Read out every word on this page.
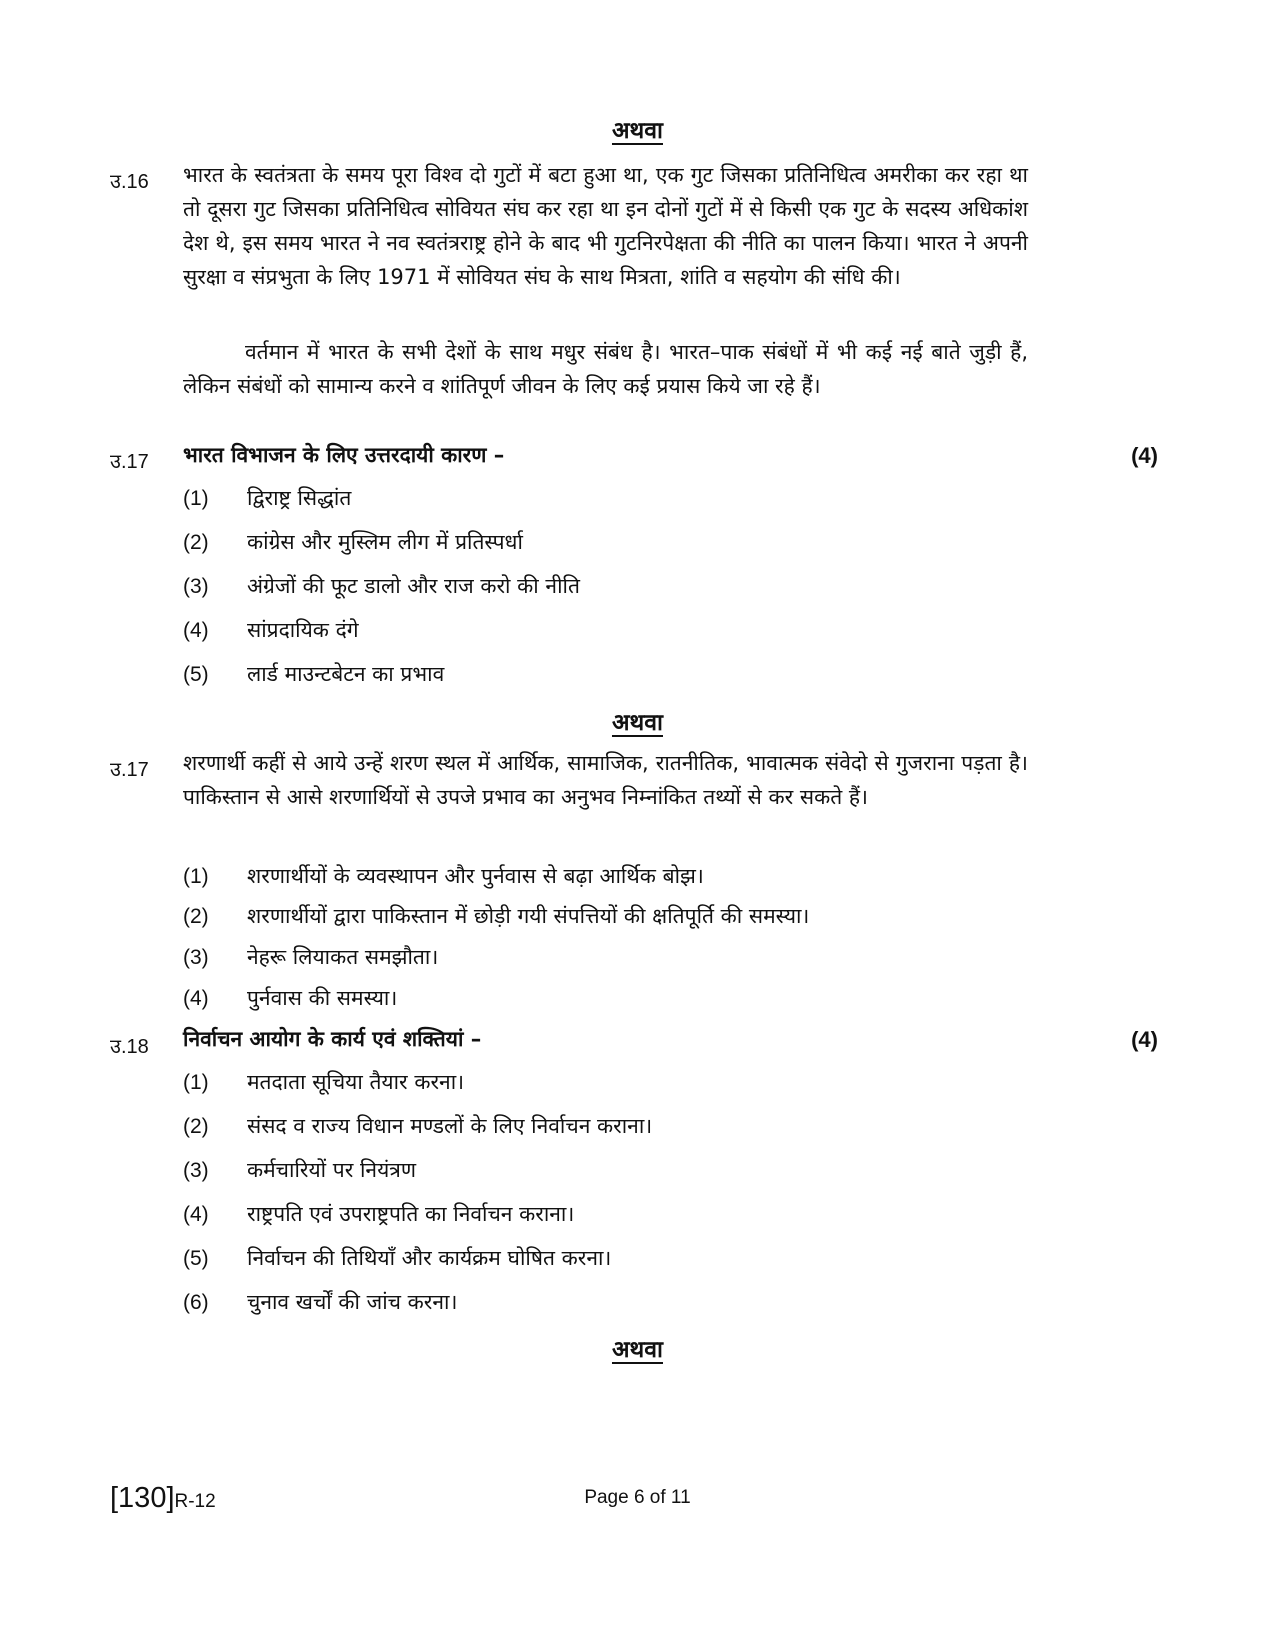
अथवा
उ.16 भारत के स्वतंत्रता के समय पूरा विश्व दो गुटों में बटा हुआ था, एक गुट जिसका प्रतिनिधित्व अमरीका कर रहा था तो दूसरा गुट जिसका प्रतिनिधित्व सोवियत संघ कर रहा था इन दोनों गुटों में से किसी एक गुट के सदस्य अधिकांश देश थे, इस समय भारत ने नव स्वतंत्रराष्ट्र होने के बाद भी गुटनिरपेक्षता की नीति का पालन किया। भारत ने अपनी सुरक्षा व संप्रभुता के लिए 1971 में सोवियत संघ के साथ मित्रता, शांति व सहयोग की संधि की।

वर्तमान में भारत के सभी देशों के साथ मधुर संबंध है। भारत–पाक संबंधों में भी कई नई बाते जुड़ी हैं, लेकिन संबंधों को सामान्य करने व शांतिपूर्ण जीवन के लिए कई प्रयास किये जा रहे हैं।

उ.17 भारत विभाजन के लिए उत्तरदायी कारण –	(4)
(1) द्विराष्ट्र सिद्धांत
(2) कांग्रेस और मुस्लिम लीग में प्रतिस्पर्धा
(3) अंग्रेजों की फूट डालो और राज करो की नीति
(4) सांप्रदायिक दंगे
(5) लार्ड माउन्टबेटन का प्रभाव
अथवा
उ.17 शरणार्थी कहीं से आये उन्हें शरण स्थल में आर्थिक, सामाजिक, रातनीतिक, भावात्मक संवेदो से गुजराना पड़ता है। पाकिस्तान से आसे शरणार्थियों से उपजे प्रभाव का अनुभव निम्नांकित तथ्यों से कर सकते हैं।

(1) शरणार्थीयों के व्यवस्थापन और पुर्नवास से बढ़ा आर्थिक बोझ।
(2) शरणार्थीयों द्वारा पाकिस्तान में छोड़ी गयी संपत्तियों की क्षतिपूर्ति की समस्या।
(3) नेहरू लियाकत समझौता।
(4) पुर्नवास की समस्या।
उ.18 निर्वाचन आयोग के कार्य एवं शक्तियां –	(4)
(1) मतदाता सूचिया तैयार करना।
(2) संसद व राज्य विधान मण्डलों के लिए निर्वाचन कराना।
(3) कर्मचारियों पर नियंत्रण
(4) राष्ट्रपति एवं उपराष्ट्रपति का निर्वाचन कराना।
(5) निर्वाचन की तिथियाँ और कार्यक्रम घोषित करना।
(6) चुनाव खर्चों की जांच करना।
अथवा
[130]R-12	Page 6 of 11
